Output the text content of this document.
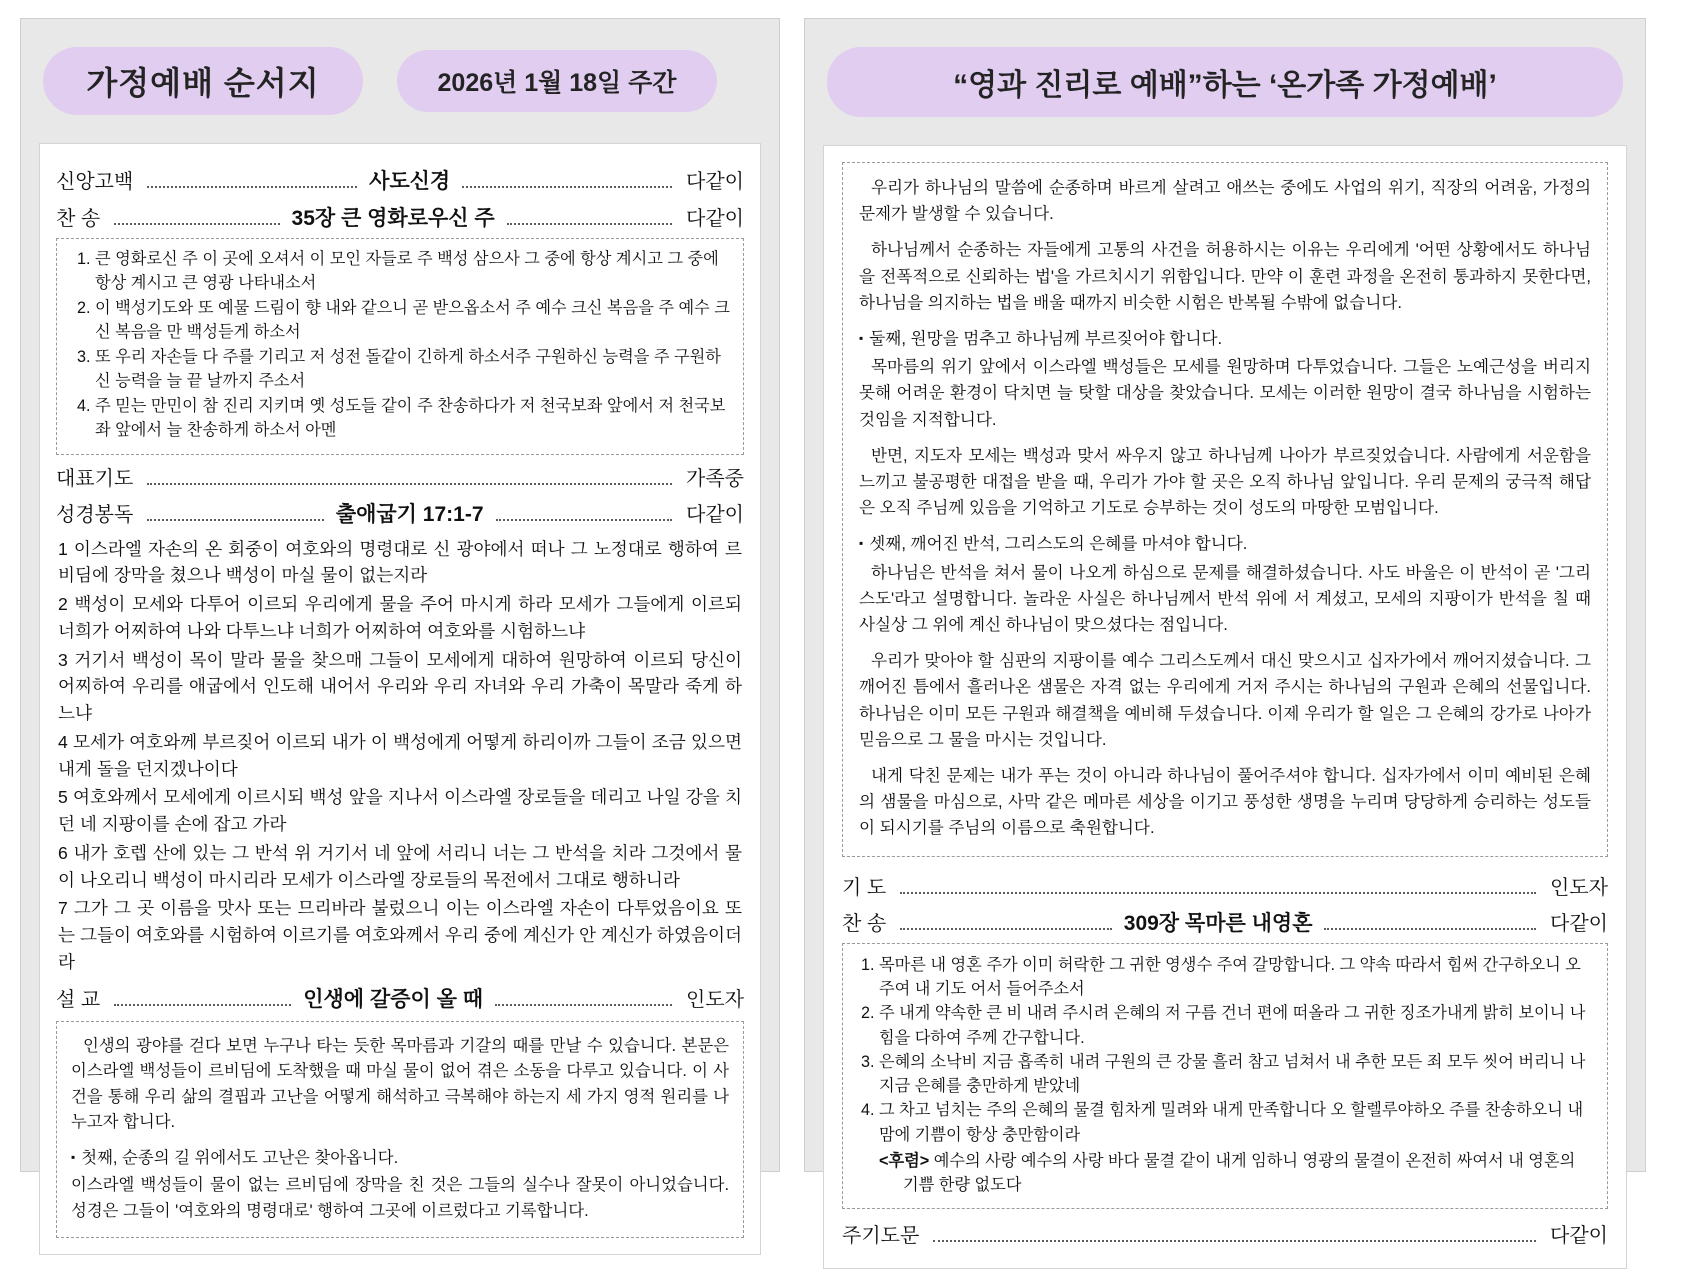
가정예배 순서지	2026년 1월 18일 주간
신앙고백	사도신경	다같이
찬 송	35장 큰 영화로우신 주	다같이
1. 큰 영화로신 주 이 곳에 오셔서 이 모인 자들로 주 백성 삼으사 그 중에 항상 계시고 그 중에 항상 계시고 큰 영광 나타내소서
2. 이 백성기도와 또 예물 드림이 향 내와 같으니 곧 받으옵소서 주 예수 크신 복음을 주 예수 크신 복음을 만 백성듣게 하소서
3. 또 우리 자손들 다 주를 기리고 저 성전 돌같이 긴하게 하소서주 구원하신 능력을 주 구원하신 능력을 늘 끝 날까지 주소서
4. 주 믿는 만민이 참 진리 지키며 옛 성도들 같이 주 찬송하다가 저 천국보좌 앞에서 저 천국보좌 앞에서 늘 찬송하게 하소서 아멘
대표기도	가족중
성경봉독	출애굽기 17:1-7	다같이

1 이스라엘 자손의 온 회중이 여호와의 명령대로 신 광야에서 떠나 그 노정대로 행하여 르비딤에 장막을 쳤으나 백성이 마실 물이 없는지라

2 백성이 모세와 다투어 이르되 우리에게 물을 주어 마시게 하라 모세가 그들에게 이르되 너희가 어찌하여 나와 다투느냐 너희가 어찌하여 여호와를 시험하느냐

3 거기서 백성이 목이 말라 물을 찾으매 그들이 모세에게 대하여 원망하여 이르되 당신이 어찌하여 우리를 애굽에서 인도해 내어서 우리와 우리 자녀와 우리 가축이 목말라 죽게 하느냐

4 모세가 여호와께 부르짖어 이르되 내가 이 백성에게 어떻게 하리이까 그들이 조금 있으면 내게 돌을 던지겠나이다

5 여호와께서 모세에게 이르시되 백성 앞을 지나서 이스라엘 장로들을 데리고 나일 강을 치던 네 지팡이를 손에 잡고 가라

6 내가 호렙 산에 있는 그 반석 위 거기서 네 앞에 서리니 너는 그 반석을 치라 그것에서 물이 나오리니 백성이 마시리라 모세가 이스라엘 장로들의 목전에서 그대로 행하니라

7 그가 그 곳 이름을 맛사 또는 므리바라 불렀으니 이는 이스라엘 자손이 다투었음이요 또는 그들이 여호와를 시험하여 이르기를 여호와께서 우리 중에 계신가 안 계신가 하였음이더라

설 교	인생에 갈증이 올 때	인도자

인생의 광야를 걷다 보면 누구나 타는 듯한 목마름과 기갈의 때를 만날 수 있습니다. 본문은 이스라엘 백성들이 르비딤에 도착했을 때 마실 물이 없어 겪은 소동을 다루고 있습니다. 이 사건을 통해 우리 삶의 결핍과 고난을 어떻게 해석하고 극복해야 하는지 세 가지 영적 원리를 나누고자 합니다.

▪ 첫째, 순종의 길 위에서도 고난은 찾아옵니다.

이스라엘 백성들이 물이 없는 르비딤에 장막을 친 것은 그들의 실수나 잘못이 아니었습니다. 성경은 그들이 '여호와의 명령대로' 행하여 그곳에 이르렀다고 기록합니다.

“영과 진리로 예배”하는 ‘온가족 가정예배’

우리가 하나님의 말씀에 순종하며 바르게 살려고 애쓰는 중에도 사업의 위기, 직장의 어려움, 가정의 문제가 발생할 수 있습니다.

하나님께서 순종하는 자들에게 고통의 사건을 허용하시는 이유는 우리에게 '어떤 상황에서도 하나님을 전폭적으로 신뢰하는 법'을 가르치시기 위함입니다. 만약 이 훈련 과정을 온전히 통과하지 못한다면, 하나님을 의지하는 법을 배울 때까지 비슷한 시험은 반복될 수밖에 없습니다.

▪ 둘째, 원망을 멈추고 하나님께 부르짖어야 합니다.

목마름의 위기 앞에서 이스라엘 백성들은 모세를 원망하며 다투었습니다. 그들은 노예근성을 버리지 못해 어려운 환경이 닥치면 늘 탓할 대상을 찾았습니다. 모세는 이러한 원망이 결국 하나님을 시험하는 것임을 지적합니다.

반면, 지도자 모세는 백성과 맞서 싸우지 않고 하나님께 나아가 부르짖었습니다. 사람에게 서운함을 느끼고 불공평한 대접을 받을 때, 우리가 가야 할 곳은 오직 하나님 앞입니다. 우리 문제의 궁극적 해답은 오직 주님께 있음을 기억하고 기도로 승부하는 것이 성도의 마땅한 모범입니다.

▪ 셋째, 깨어진 반석, 그리스도의 은혜를 마셔야 합니다.

하나님은 반석을 쳐서 물이 나오게 하심으로 문제를 해결하셨습니다. 사도 바울은 이 반석이 곧 '그리스도'라고 설명합니다. 놀라운 사실은 하나님께서 반석 위에 서 계셨고, 모세의 지팡이가 반석을 칠 때 사실상 그 위에 계신 하나님이 맞으셨다는 점입니다.

우리가 맞아야 할 심판의 지팡이를 예수 그리스도께서 대신 맞으시고 십자가에서 깨어지셨습니다. 그 깨어진 틈에서 흘러나온 샘물은 자격 없는 우리에게 거저 주시는 하나님의 구원과 은혜의 선물입니다. 하나님은 이미 모든 구원과 해결책을 예비해 두셨습니다. 이제 우리가 할 일은 그 은혜의 강가로 나아가 믿음으로 그 물을 마시는 것입니다.

내게 닥친 문제는 내가 푸는 것이 아니라 하나님이 풀어주셔야 합니다. 십자가에서 이미 예비된 은혜의 샘물을 마심으로, 사막 같은 메마른 세상을 이기고 풍성한 생명을 누리며 당당하게 승리하는 성도들이 되시기를 주님의 이름으로 축원합니다.

기 도	인도자
찬 송	309장 목마른 내영혼	다같이
1. 목마른 내 영혼 주가 이미 허락한 그 귀한 영생수 주여 갈망합니다. 그 약속 따라서 힘써 간구하오니 오 주여 내 기도 어서 들어주소서
2. 주 내게 약속한 큰 비 내려 주시려 은혜의 저 구름 건너 편에 떠올라 그 귀한 징조가내게 밝히 보이니 나 힘을 다하여 주께 간구합니다.
3. 은혜의 소낙비 지금 흡족히 내려 구원의 큰 강물 흘러 참고 넘쳐서 내 추한 모든 죄 모두 씻어 버리니 나 지금 은혜를 충만하게 받았네
4. 그 차고 넘치는 주의 은혜의 물결 힘차게 밀려와 내게 만족합니다 오 할렐루야하오 주를 찬송하오니 내 맘에 기쁨이 항상 충만함이라
<후렴> 예수의 사랑 예수의 사랑 바다 물결 같이 내게 임하니 영광의 물결이 온전히 싸여서 내 영혼의 기쁨 한량 없도다
주기도문	다같이
